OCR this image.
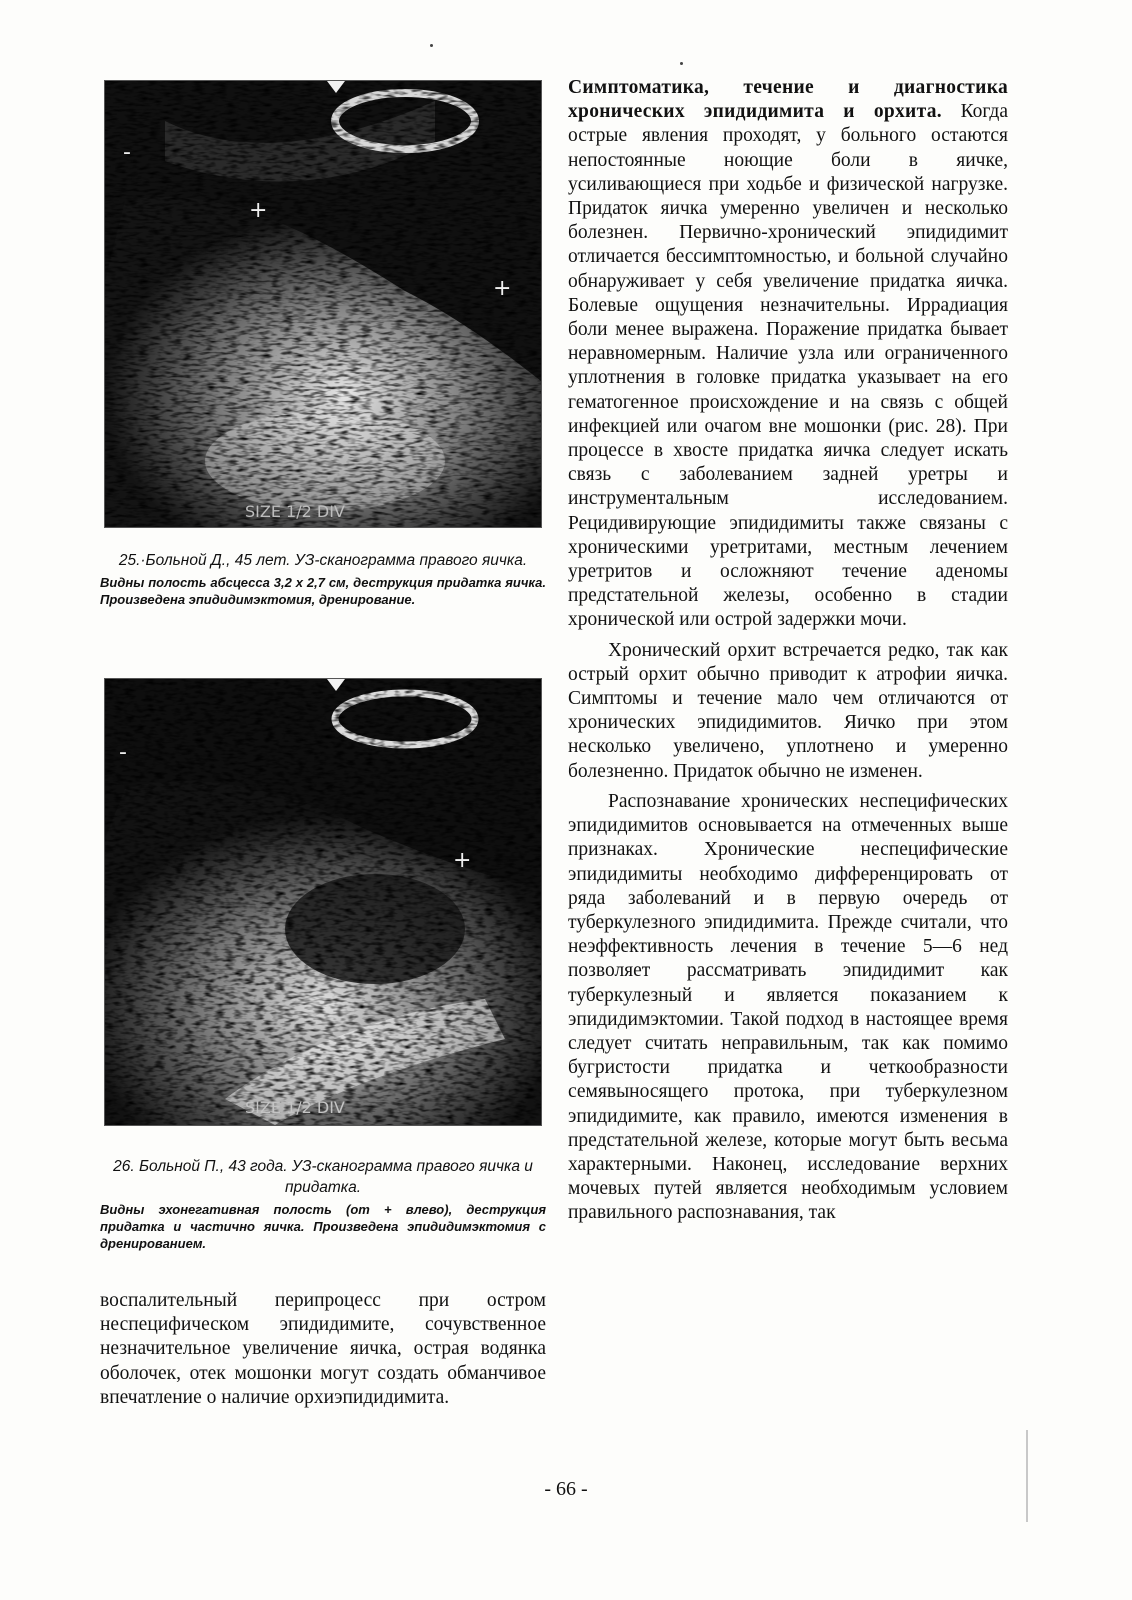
-
+
+
SIZE 1/2 DIV
25.·Больной Д., 45 лет. УЗ-сканограмма правого яичка.
Видны полость абсцесса 3,2 х 2,7 см, деструкция придатка яичка. Произведена эпидидимэктомия, дренирование.
-
+
SIZE 1/2 DIV
26. Больной П., 43 года. УЗ-сканограмма правого яичка и придатка.
Видны эхонегативная полость (от + влево), деструкция придатка и частично яичка. Произведена эпидидимэктомия с дренированием.

воспалительный перипроцесс при остром неспецифическом эпидидимите, сочувственное незначительное увеличение яичка, острая водянка оболочек, отек мошонки могут создать обманчивое впечатление о наличие орхиэпидидимита.

Симптоматика, течение и диагностика хронических эпидидимита и орхита. Когда острые явления проходят, у больного остаются непостоянные ноющие боли в яичке, усиливающиеся при ходьбе и физической нагрузке. Придаток яичка умеренно увеличен и несколько болезнен. Первично-хронический эпидидимит отличается бессимптомностью, и больной случайно обнаруживает у себя увеличение придатка яичка. Болевые ощущения незначительны. Иррадиация боли менее выражена. Поражение придатка бывает неравномерным. Наличие узла или ограниченного уплотнения в головке придатка указывает на его гематогенное происхождение и на связь с общей инфекцией или очагом вне мошонки (рис. 28). При процессе в хвосте придатка яичка следует искать связь с заболеванием задней уретры и инструментальным исследованием. Рецидивирующие эпидидимиты также связаны с хроническими уретритами, местным лечением уретритов и осложняют течение аденомы предстательной железы, особенно в стадии хронической или острой задержки мочи.

Хронический орхит встречается редко, так как острый орхит обычно приводит к атрофии яичка. Симптомы и течение мало чем отличаются от хронических эпидидимитов. Яичко при этом несколько увеличено, уплотнено и умеренно болезненно. Придаток обычно не изменен.

Распознавание хронических неспецифических эпидидимитов основывается на отмеченных выше признаках. Хронические неспецифические эпидидимиты необходимо дифференцировать от ряда заболеваний и в первую очередь от туберкулезного эпидидимита. Прежде считали, что неэффективность лечения в течение 5—6 нед позволяет рассматривать эпидидимит как туберкулезный и является показанием к эпидидимэктомии. Такой подход в настоящее время следует считать неправильным, так как помимо бугристости придатка и четкообразности семявыносящего протока, при туберкулезном эпидидимите, как правило, имеются изменения в предстательной железе, которые могут быть весьма характерными. Наконец, исследование верхних мочевых путей является необходимым условием правильного распознавания, так

- 66 -
